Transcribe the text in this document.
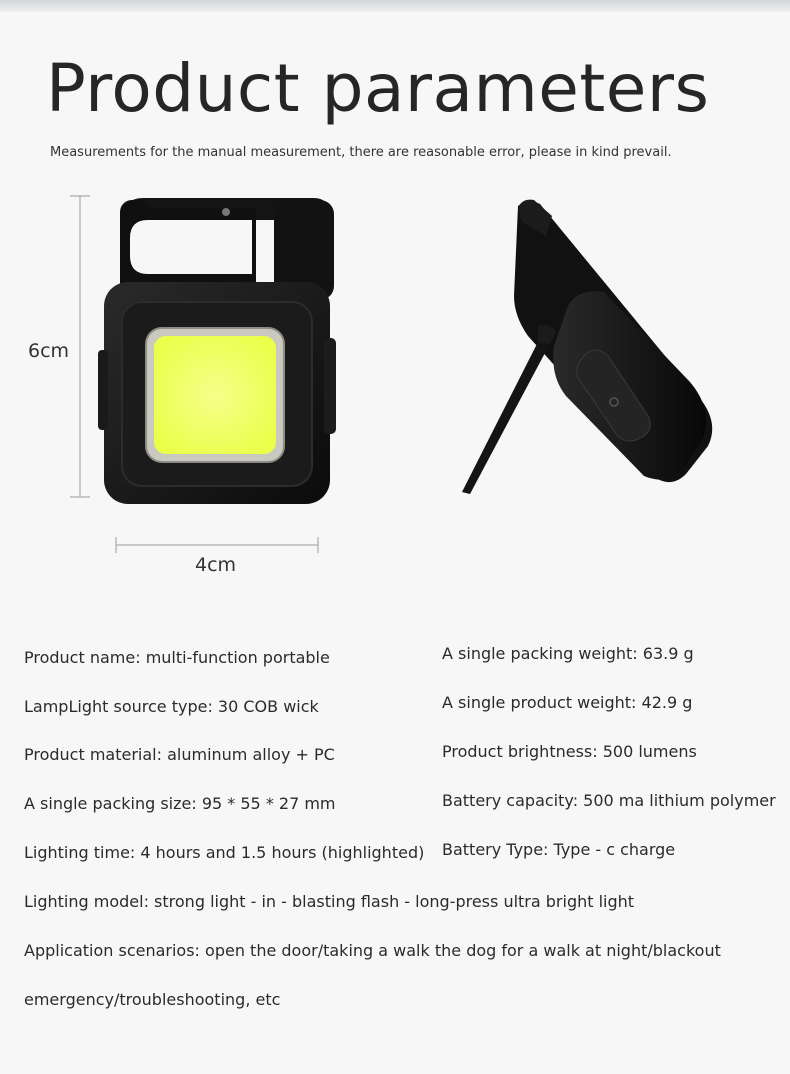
Product parameters

Measurements for the manual measurement, there are reasonable error, please in kind prevail.

6cm
4cm
Product name: multi-function portable
LampLight source type: 30 COB wick
Product material: aluminum alloy + PC
A single packing size: 95 * 55 * 27 mm
Lighting time: 4 hours and 1.5 hours (highlighted)
A single packing weight: 63.9 g
A single product weight: 42.9 g
Product brightness: 500 lumens
Battery capacity: 500 ma lithium polymer
Battery Type: Type - c charge
Lighting model: strong light - in - blasting flash - long-press ultra bright light
Application scenarios: open the door/taking a walk the dog for a walk at night/blackout
emergency/troubleshooting, etc
